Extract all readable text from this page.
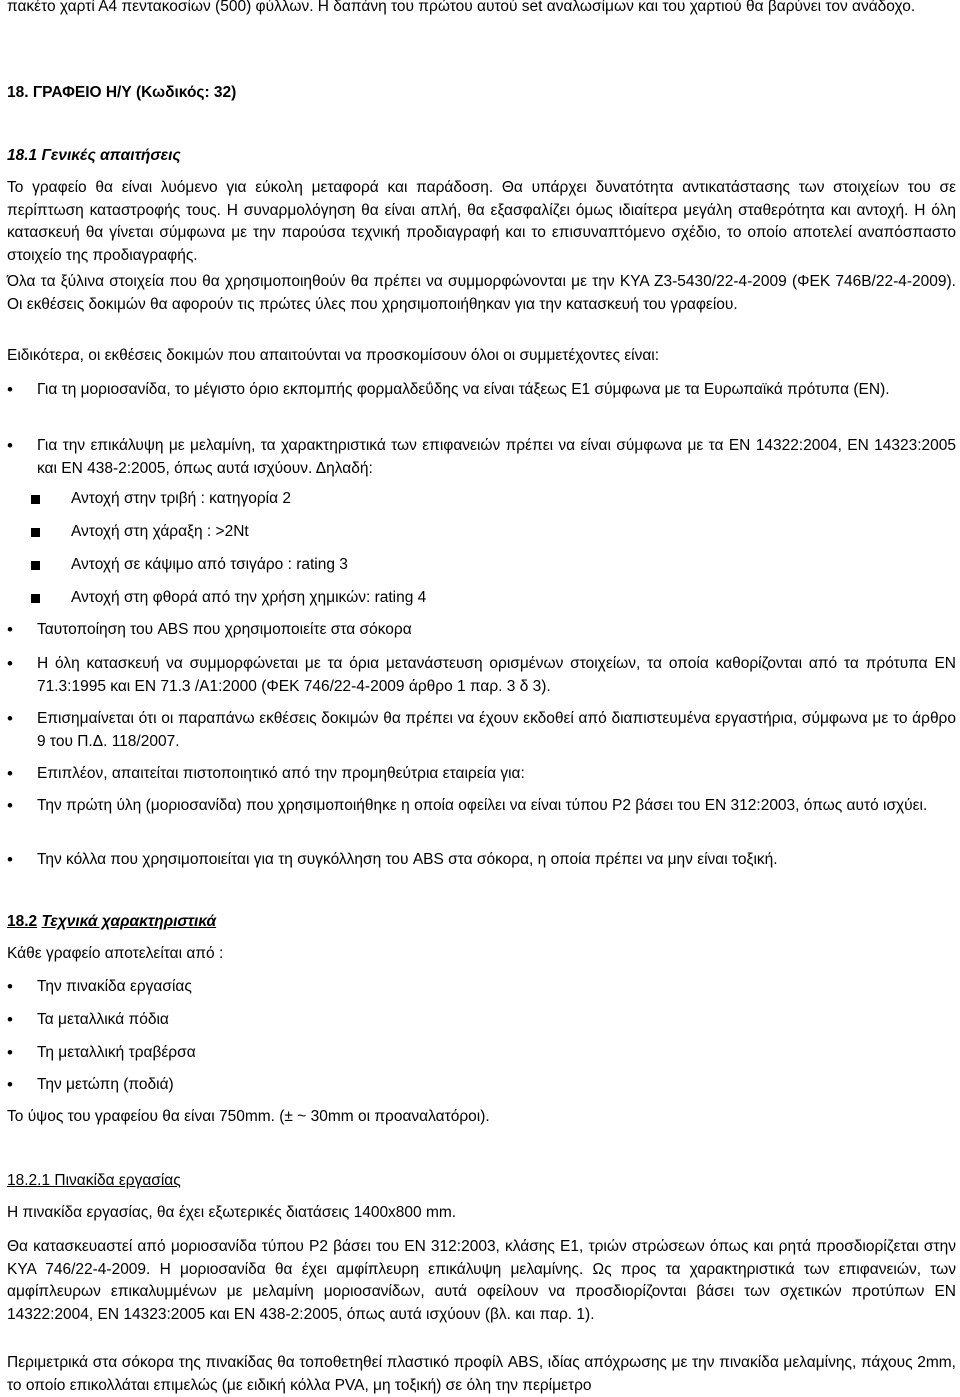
πακέτο χαρτί Α4 πεντακοσίων (500) φύλλων. Η δαπάνη του πρώτου αυτού set αναλωσίμων και του χαρτιού θα βαρύνει τον ανάδοχο.
18. ΓΡΑΦΕΙΟ Η/Υ (Κωδικός: 32)
18.1 Γενικές απαιτήσεις
Το γραφείο θα είναι λυόμενο για εύκολη μεταφορά και παράδοση. Θα υπάρχει δυνατότητα αντικατάστασης των στοιχείων του σε περίπτωση καταστροφής τους. Η συναρμολόγηση θα είναι απλή, θα εξασφαλίζει όμως ιδιαίτερα μεγάλη σταθερότητα και αντοχή. Η όλη κατασκευή θα γίνεται σύμφωνα με την παρούσα τεχνική προδιαγραφή και το επισυναπτόμενο σχέδιο, το οποίο αποτελεί αναπόσπαστο στοιχείο της προδιαγραφής.
Όλα τα ξύλινα στοιχεία που θα χρησιμοποιηθούν θα πρέπει να συμμορφώνονται με την ΚΥΑ Ζ3-5430/22-4-2009 (ΦΕΚ 746Β/22-4-2009). Οι εκθέσεις δοκιμών θα αφορούν τις πρώτες ύλες που χρησιμοποιήθηκαν για την κατασκευή του γραφείου.
Ειδικότερα, οι εκθέσεις δοκιμών που απαιτούνται να προσκομίσουν όλοι οι συμμετέχοντες είναι:
•	Για τη μοριοσανίδα, το μέγιστο όριο εκπομπής φορμαλδεΰδης να είναι τάξεως Ε1 σύμφωνα με τα Ευρωπαϊκά πρότυπα (ΕΝ).
•	Για την επικάλυψη με μελαμίνη, τα χαρακτηριστικά των επιφανειών πρέπει να είναι σύμφωνα με τα ΕΝ 14322:2004, ΕΝ 14323:2005 και ΕΝ 438-2:2005, όπως αυτά ισχύουν. Δηλαδή:
Αντοχή στην τριβή : κατηγορία 2
Αντοχή στη χάραξη : >2Nt
Αντοχή σε κάψιμο από τσιγάρο : rating 3
Αντοχή στη φθορά από την χρήση χημικών: rating 4
•	Ταυτοποίηση του ABS που χρησιμοποιείτε στα σόκορα
•	Η όλη κατασκευή να συμμορφώνεται με τα όρια μετανάστευση ορισμένων στοιχείων, τα οποία καθορίζονται από τα πρότυπα ΕΝ 71.3:1995 και ΕΝ 71.3 /Α1:2000 (ΦΕΚ 746/22-4-2009 άρθρο 1 παρ. 3 δ 3).
•	Επισημαίνεται ότι οι παραπάνω εκθέσεις δοκιμών θα πρέπει να έχουν εκδοθεί από διαπιστευμένα εργαστήρια, σύμφωνα με το άρθρο 9 του Π.Δ. 118/2007.
•	Επιπλέον, απαιτείται πιστοποιητικό από την προμηθεύτρια εταιρεία για:
•	Την πρώτη ύλη (μοριοσανίδα) που χρησιμοποιήθηκε η οποία οφείλει να είναι τύπου Ρ2 βάσει του ΕΝ 312:2003, όπως αυτό ισχύει.
•	Την κόλλα που χρησιμοποιείται για τη συγκόλληση του ABS στα σόκορα, η οποία πρέπει να μην είναι τοξική.
18.2 Τεχνικά χαρακτηριστικά
Κάθε γραφείο αποτελείται από :
•	Την πινακίδα εργασίας
•	Τα μεταλλικά πόδια
•	Τη μεταλλική τραβέρσα
•	Την μετώπη (ποδιά)
Το ύψος του γραφείου θα είναι 750mm. (± ~ 30mm οι προαναλατόροι).
18.2.1 Πινακίδα εργασίας
Η πινακίδα εργασίας, θα έχει εξωτερικές διατάσεις 1400x800 mm.
Θα κατασκευαστεί από μοριοσανίδα τύπου Ρ2 βάσει του ΕΝ 312:2003, κλάσης Ε1, τριών στρώσεων όπως και ρητά προσδιορίζεται στην ΚΥΑ 746/22-4-2009. Η μοριοσανίδα θα έχει αμφίπλευρη επικάλυψη μελαμίνης. Ως προς τα χαρακτηριστικά των επιφανειών, των αμφίπλευρων επικαλυμμένων με μελαμίνη μοριοσανίδων, αυτά οφείλουν να προσδιορίζονται βάσει των σχετικών προτύπων ΕΝ 14322:2004, ΕΝ 14323:2005 και ΕΝ 438-2:2005, όπως αυτά ισχύουν (βλ. και παρ. 1).
Περιμετρικά στα σόκορα της πινακίδας θα τοποθετηθεί πλαστικό προφίλ ABS, ιδίας απόχρωσης με την πινακίδα μελαμίνης, πάχους 2mm, το οποίο επικολλάται επιμελώς (με ειδική κόλλα PVA, μη τοξική) σε όλη την περίμετρο
